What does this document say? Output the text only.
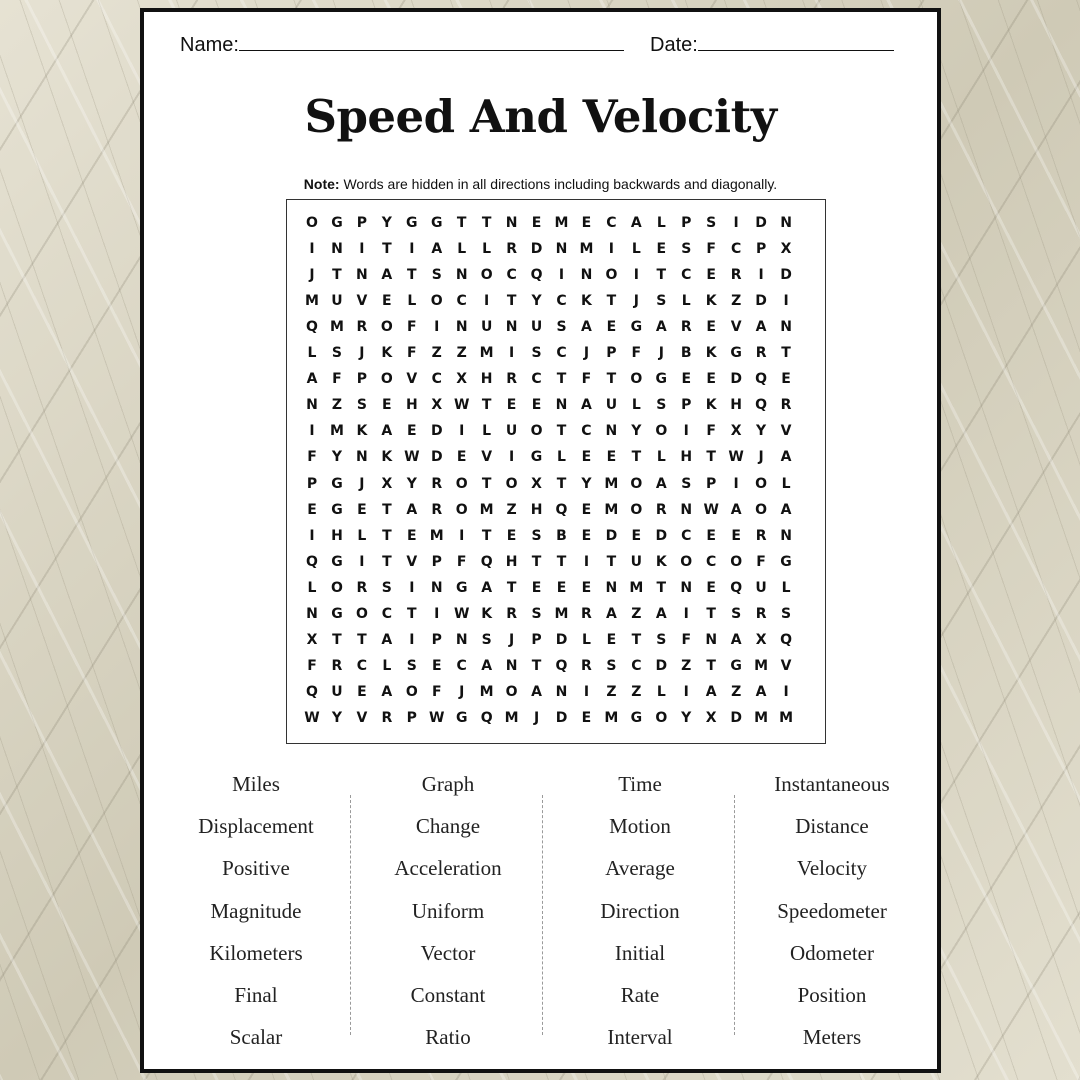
Name:	Date:
Speed And Velocity
Note: Words are hidden in all directions including backwards and diagonally.
O G	P	Y	G G	T	T	N	E M E	C	A	L	P	S	I	D N
I	N	I	T	I	A	L	L	R D N M	I	L	E	S	F	C	P	X
J	T	N A	T	S	N O C Q	I	N O	I	T	C	E	R	I	D
M U V	E	L	O C	I	T	Y	C	K	T	J	S	L	K	Z	D	I
Q M R O	F	I	N U N U	S	A	E	G A	R	E	V	A N
L	S	J	K	F	Z	Z M	I	S	C	J	P	F	J	B	K G R	T
A	F	P O V	C	X H R	C	T	F	T	O G	E	E	D Q	E
N	Z	S	E	H X W T	E	E	N A U	L	S	P	K H Q R
I	M K	A	E	D	I	L	U O	T	C N	Y O	I	F	X	Y	V
F	Y	N K W D	E	V	I	G	L	E	E	T	L	H	T W	J	A
P	G	J	X	Y	R O	T	O X	T	Y M O A	S	P	I	O	L
E	G	E	T	A	R O M Z	H Q	E M O R N W A O A
I	H	L	T	E M	I	T	E	S	B	E	D	E	D	C	E	E	R N
Q G	I	T	V	P	F	Q H	T	T	I	T	U K O C O	F	G
L	O R	S	I	N G A	T	E	E	E	N M T	N	E	Q U	L
N G O C	T	I	W K	R	S M R	A	Z	A	I	T	S	R	S
X	T	T	A	I	P N	S	J	P	D	L	E	T	S	F	N A	X Q
F	R	C	L	S	E	C	A N	T	Q R	S	C	D	Z	T	G M V
Q U	E	A O	F	J	M O A N	I	Z	Z	L	I	A	Z	A	I
W Y	V	R	P W G Q M	J	D	E M G O Y	X D M M
Miles
Displacement
Positive
Magnitude
Kilometers
Final
Scalar
Graph
Change
Acceleration
Uniform
Vector
Constant
Ratio
Time
Motion
Average
Direction
Initial
Rate
Interval
Instantaneous
Distance
Velocity
Speedometer
Odometer
Position
Meters
